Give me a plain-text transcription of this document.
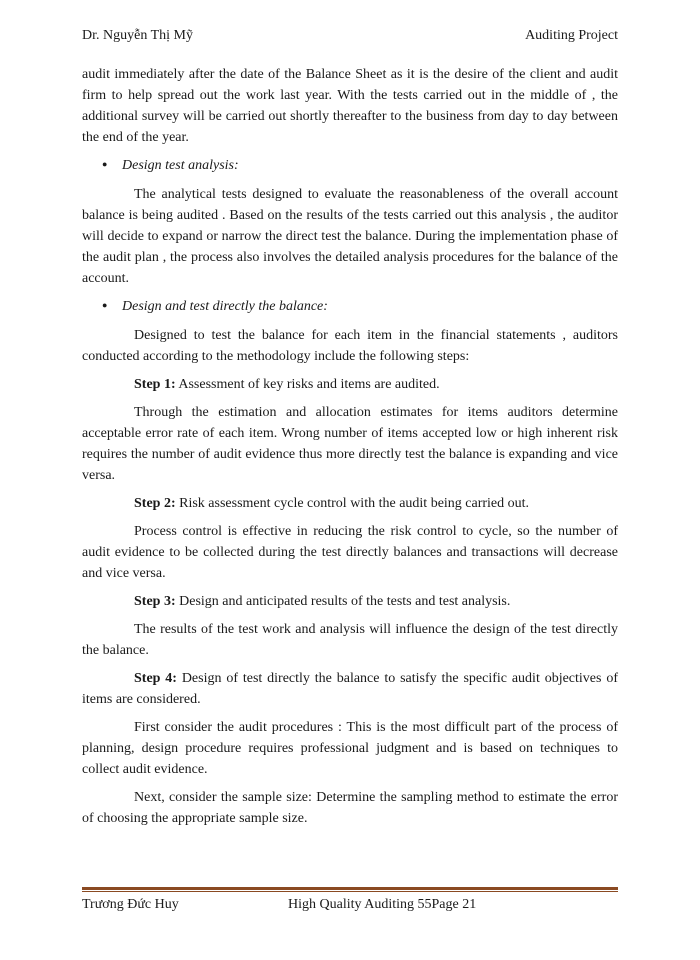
Dr. Nguyễn Thị Mỹ	Auditing Project

audit immediately after the date of the Balance Sheet as it is the desire of the client and audit firm to help spread out the work last year. With the tests carried out in the middle of , the additional survey will be carried out shortly thereafter to the business from day to day between the end of the year.

●	Design test analysis:

The analytical tests designed to evaluate the reasonableness of the overall account balance is being audited . Based on the results of the tests carried out this analysis , the auditor will decide to expand or narrow the direct test the balance. During the implementation phase of the audit plan , the process also involves the detailed analysis procedures for the balance of the account.

●	Design and test directly the balance:

Designed to test the balance for each item in the financial statements , auditors conducted according to the methodology include the following steps:

Step 1: Assessment of key risks and items are audited.

Through the estimation and allocation estimates for items auditors determine acceptable error rate of each item. Wrong number of items accepted low or high inherent risk requires the number of audit evidence thus more directly test the balance is expanding and vice versa.

Step 2: Risk assessment cycle control with the audit being carried out.

Process control is effective in reducing the risk control to cycle, so the number of audit evidence to be collected during the test directly balances and transactions will decrease and vice versa.

Step 3: Design and anticipated results of the tests and test analysis.

The results of the test work and analysis will influence the design of the test directly the balance.

Step 4: Design of test directly the balance to satisfy the specific audit objectives of items are considered.

First consider the audit procedures : This is the most difficult part of the process of planning, design procedure requires professional judgment and is based on techniques to collect audit evidence.

Next, consider the sample size: Determine the sampling method to estimate the error of choosing the appropriate sample size.

Trương Đức Huy	High Quality Auditing 55Page 21
